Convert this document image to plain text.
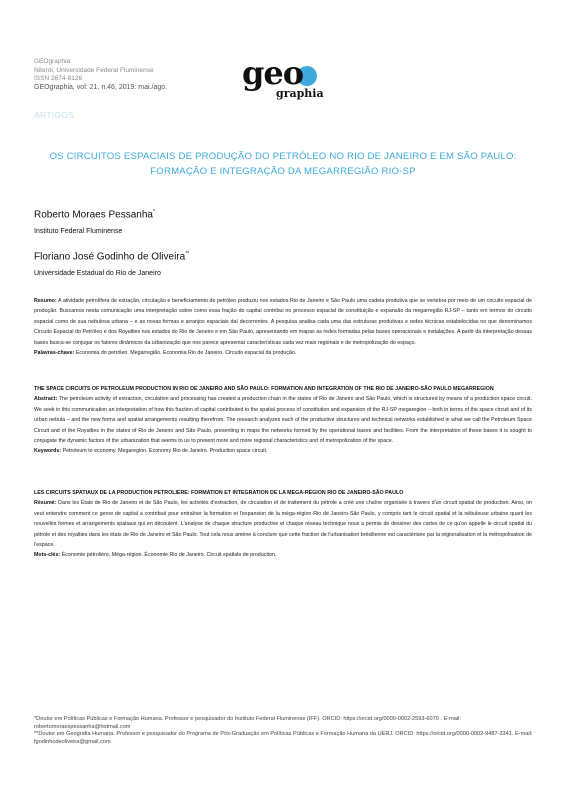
GEOgraphia
Niterói, Universidade Federal Fluminense
ISSN 2674-8126
GEOgraphia, vol: 21, n.46, 2019: mai./ago. geo
graphia
ARTIGOS
OS CIRCUITOS ESPACIAIS DE PRODUÇÃO DO PETRÓLEO NO RIO DE JANEIRO E EM SÃO PAULO:
FORMAÇÃO E INTEGRAÇÃO DA MEGARREGIÃO RIO-SP
Roberto Moraes Pessanha*
Instituto Federal Fluminense
Floriano José Godinho de Oliveira**
Universidade Estadual do Rio de Janeiro
Resumo: A atividade petrolífera de extração, circulação e beneficiamento de petróleo produziu nos estados Rio de Janeiro e São Paulo uma cadeia produtiva que se vertebra por meio de um circuito espacial de produção. Buscamos nesta comunicação uma interpretação sobre como essa fração do capital contribui no processo espacial de constituição e expansão da megarregião RJ-SP – tanto em termos do circuito espacial como de sua nebulosa urbana – e as novas formas e arranjos espaciais daí decorrentes. A pesquisa analisa cada uma das estruturas produtivas e redes técnicas estabelecidas no que denominamos Circuito Espacial do Petróleo e dos Royalties nos estados do Rio de Janeiro e em São Paulo, apresentando em mapas as redes formadas pelas bases operacionais e instalações. A partir da interpretação dessas bases busca-se conjugar os fatores dinâmicos da urbanização que nos parece apresentar características cada vez mais regionais e de metropolização do espaço.
Palavras-chave: Economia do petróleo. Megarregião. Economia Rio de Janeiro. Circuito espacial da produção.
THE SPACE CIRCUITS OF PETROLEUM PRODUCTION IN RIO DE JANEIRO AND SÃO PAULO: FORMATION AND INTEGRATION OF THE RIO DE JANEIRO-SÃO PAULO MEGARREGION
Abstract: The petroleum activity of extraction, circulation and processing has created a production chain in the states of Rio de Janeiro and São Paulo, which is structured by means of a production space circuit. We seek in this communication an interpretation of how this fraction of capital contributed to the spatial process of constitution and expansion of the RJ-SP megaregion – both in terms of the space circuit and of its urban nebula – and the new forms and spatial arrangements resulting therefrom. The research analyzes each of the productive structures and technical networks established in what we call the Petroleum Space Circuit and of the Royalties in the states of Rio de Janeiro and São Paulo, presenting in maps the networks formed by the operational bases and facilities. From the interpretation of these bases it is sought to conjugate the dynamic factors of the urbanization that seems to us to present more and more regional characteristics and of metropolization of the space.
Keywords: Petroleum to economy. Megaregion. Economy Rio de Janeiro. Production space circuit.
LES CIRCUITS SPATIAUX DE LA PRODUCTION PETROLIERE: FORMATION ET INTEGRATION DE LA MEGA-REGION RIO DE JANEIRO-SÃO PAULO
Résumé: Dans les États de Rio de Janeiro et de São Paulo, les activités d'extraction, de circulation et de traitement du pétrole a créé une chaîne organisée à travers d'un circuit spatial de production. Ainsi, on veut entendre comment ce genre de capital a contribué pour entraîner la formation et l'expansion de la méga-région Rio de Janeiro-São Paulo, y compris tant le circuit spatial et la nébuleuse urbaine quant les nouvelles formes et arrangements spatiaux qui en découlent. L'analyse de chaque structure productive et chaque réseau technique nous a permis de dessiner des cartes de ce qu'on appelle le circuit spatial du pétrole et des royalties dans les états de Rio de Janeiro et São Paulo. Tout cela nous amène à conclure que cette fraction de l'urbanisation brésilienne est caractérisée par la régionalisation et la métropolisation de l'espace.
Mots-clés: Économie pétrolière. Méga-région. Économie Rio de Janeiro. Circuit spatiale de production.
*Doutor em Políticas Públicas e Formação Humana. Professor e pesquisador do Instituto Federal Fluminense (IFF). ORCID: https://orcid.org/0000-0002-2593-6070 . E-mail: robertomoraespessanha@hotmail.com
**Doutor em Geografia Humana. Professor e pesquisador do Programa de Pós-Graduação em Políticas Públicas e Formação Humana da UERJ. ORCID: https://orcid.org/0000-0002-9487-3341. E-mail: fgodinhodeoliveira@gmail.com
